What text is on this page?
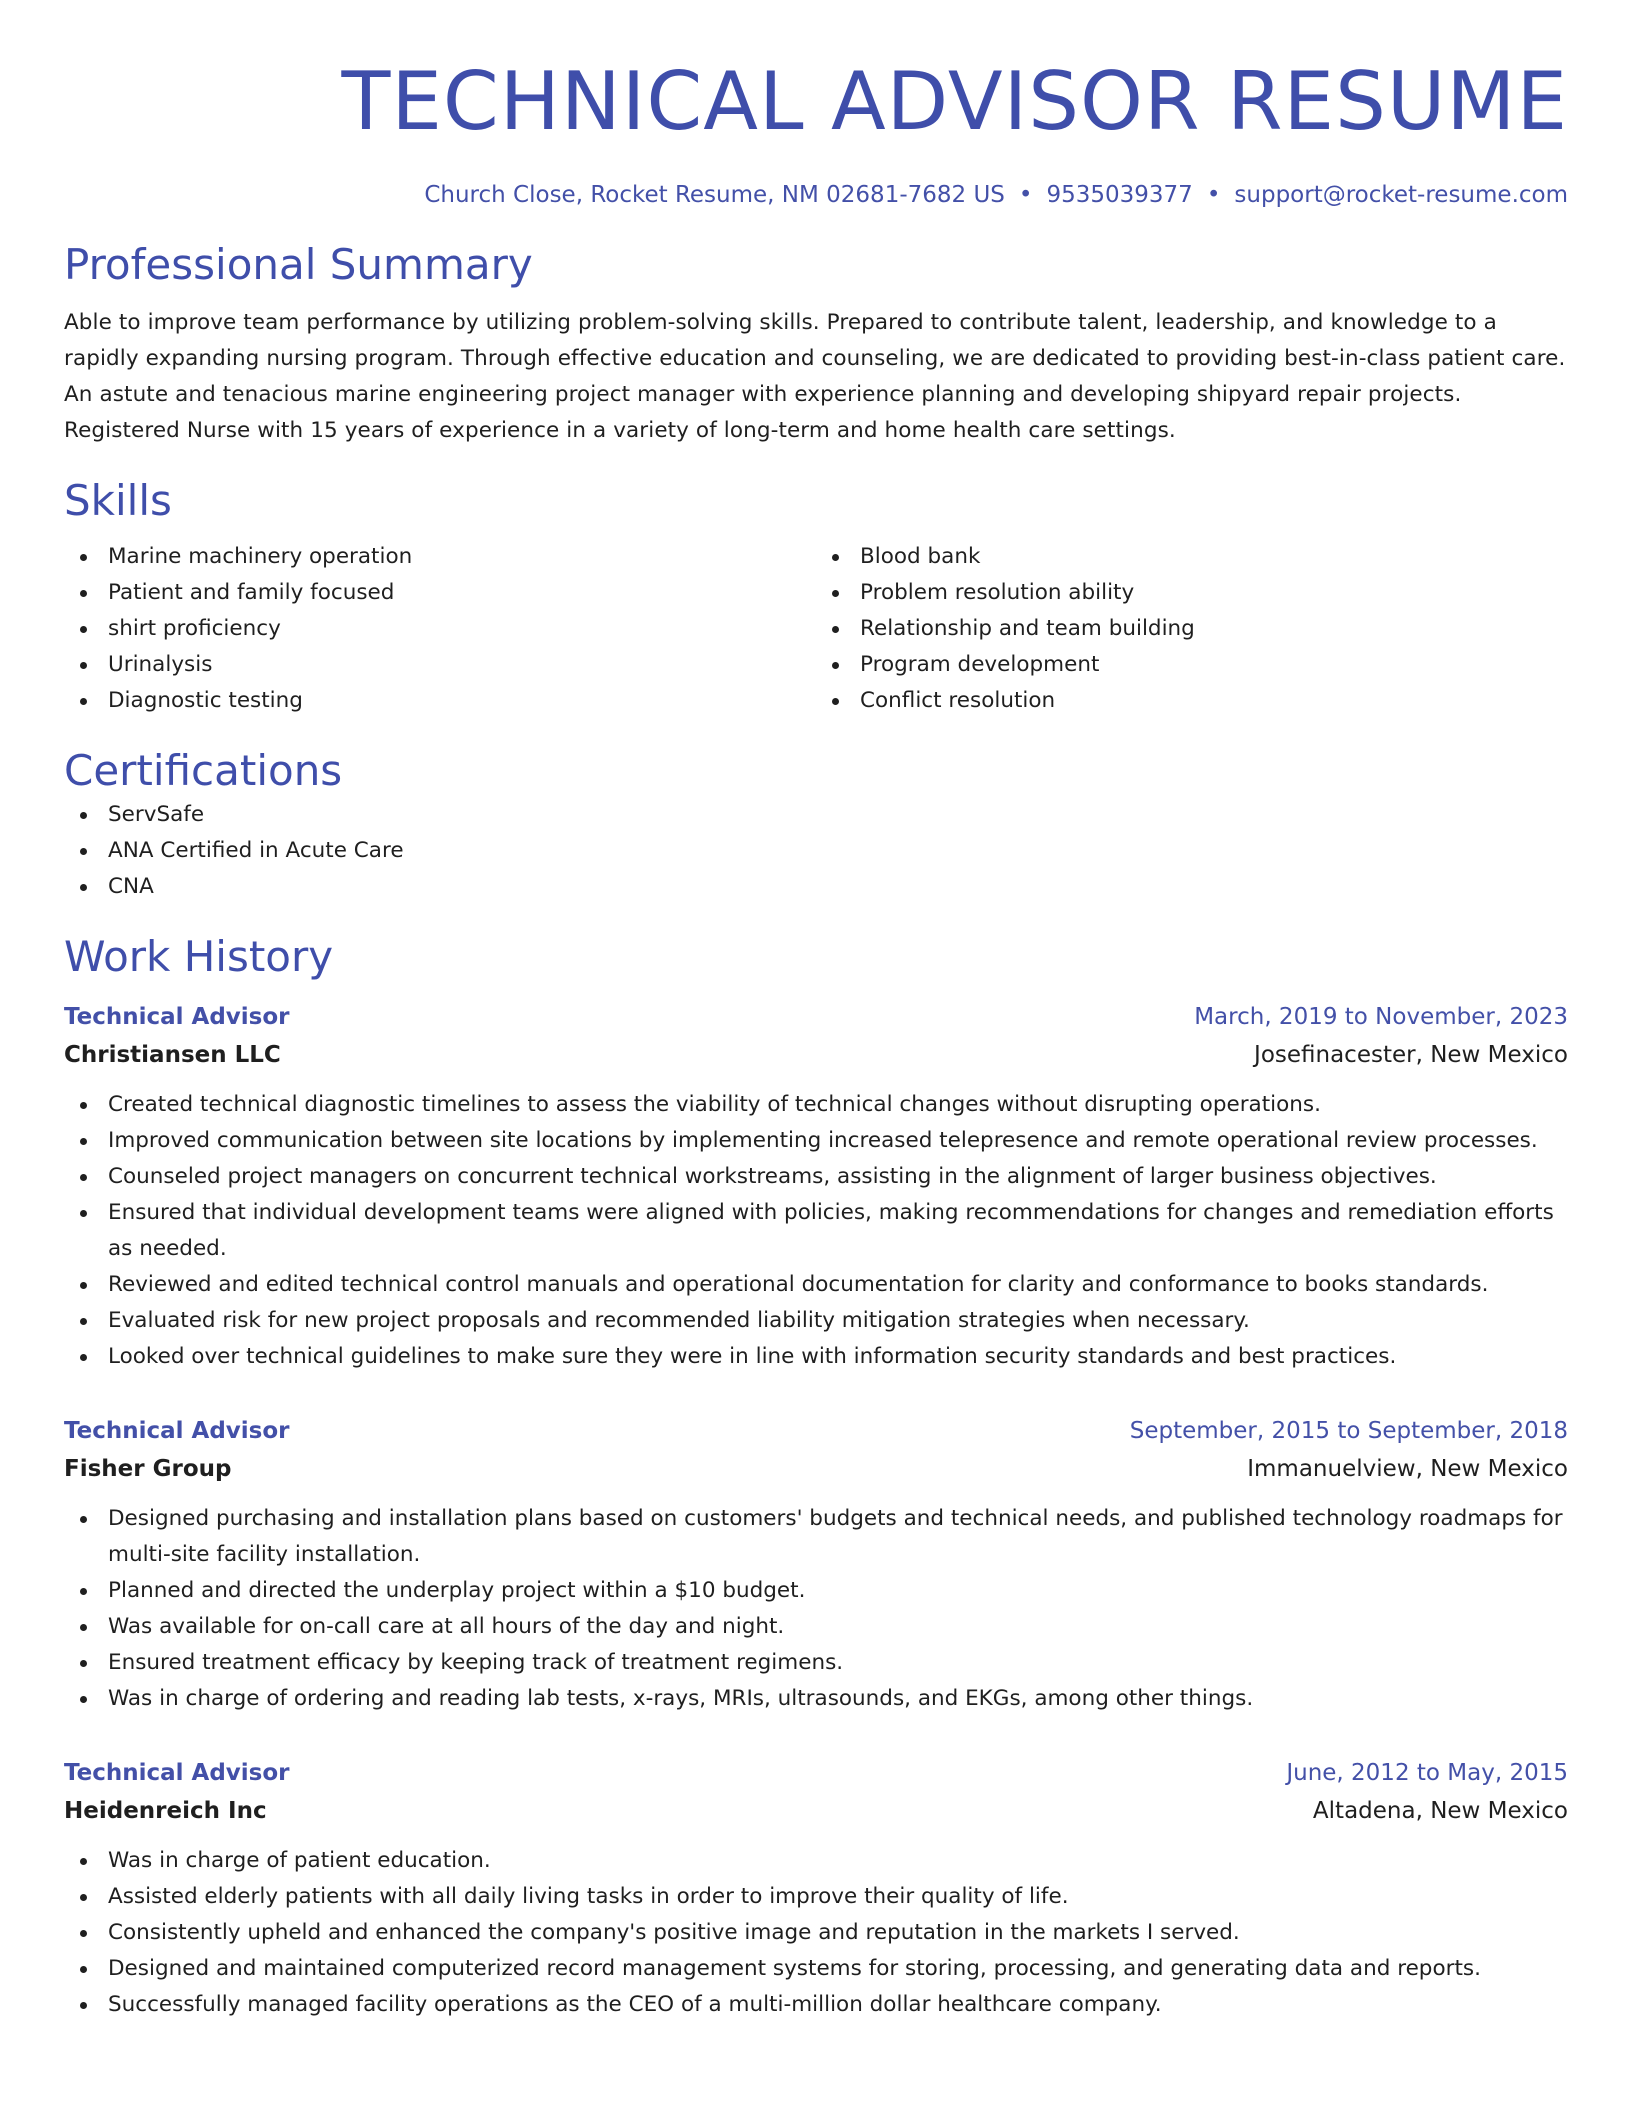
TECHNICAL ADVISOR RESUME
Church Close, Rocket Resume, NM 02681-7682 US • 9535039377 • support@rocket-resume.com
Professional Summary

Able to improve team performance by utilizing problem-solving skills. Prepared to contribute talent, leadership, and knowledge to a rapidly expanding nursing program. Through effective education and counseling, we are dedicated to providing best-in-class patient care. An astute and tenacious marine engineering project manager with experience planning and developing shipyard repair projects. Registered Nurse with 15 years of experience in a variety of long-term and home health care settings.

Skills
Marine machinery operation
Patient and family focused
shirt proficiency
Urinalysis
Diagnostic testing
Blood bank
Problem resolution ability
Relationship and team building
Program development
Conflict resolution
Certifications
ServSafe
ANA Certified in Acute Care
CNA
Work History
Technical Advisor	March, 2019 to November, 2023
Christiansen LLC	Josefinacester, New Mexico
Created technical diagnostic timelines to assess the viability of technical changes without disrupting operations.
Improved communication between site locations by implementing increased telepresence and remote operational review processes.
Counseled project managers on concurrent technical workstreams, assisting in the alignment of larger business objectives.
Ensured that individual development teams were aligned with policies, making recommendations for changes and remediation efforts as needed.
Reviewed and edited technical control manuals and operational documentation for clarity and conformance to books standards.
Evaluated risk for new project proposals and recommended liability mitigation strategies when necessary.
Looked over technical guidelines to make sure they were in line with information security standards and best practices.
Technical Advisor	September, 2015 to September, 2018
Fisher Group	Immanuelview, New Mexico
Designed purchasing and installation plans based on customers' budgets and technical needs, and published technology roadmaps for multi-site facility installation.
Planned and directed the underplay project within a $10 budget.
Was available for on-call care at all hours of the day and night.
Ensured treatment efficacy by keeping track of treatment regimens.
Was in charge of ordering and reading lab tests, x-rays, MRIs, ultrasounds, and EKGs, among other things.
Technical Advisor	June, 2012 to May, 2015
Heidenreich Inc	Altadena, New Mexico
Was in charge of patient education.
Assisted elderly patients with all daily living tasks in order to improve their quality of life.
Consistently upheld and enhanced the company's positive image and reputation in the markets I served.
Designed and maintained computerized record management systems for storing, processing, and generating data and reports.
Successfully managed facility operations as the CEO of a multi-million dollar healthcare company.
